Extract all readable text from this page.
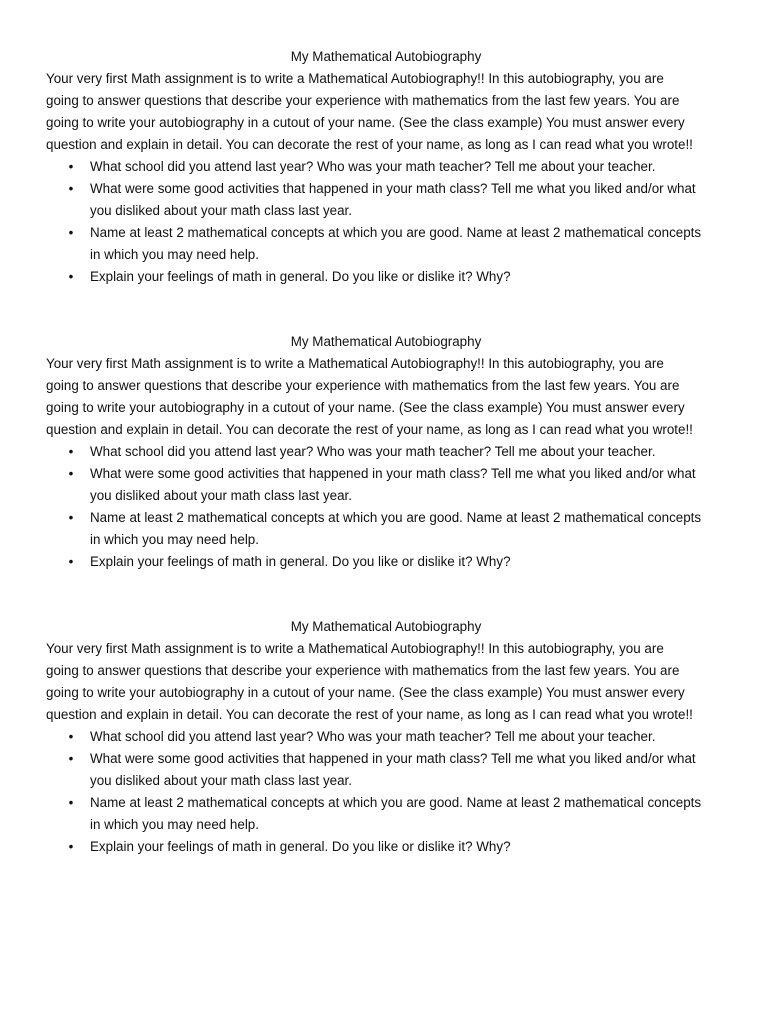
My Mathematical Autobiography

Your very first Math assignment is to write a Mathematical Autobiography!! In this autobiography, you are
going to answer questions that describe your experience with mathematics from the last few years. You are
going to write your autobiography in a cutout of your name. (See the class example) You must answer every
question and explain in detail. You can decorate the rest of your name, as long as I can read what you wrote!!

• What school did you attend last year? Who was your math teacher? Tell me about your teacher.
• What were some good activities that happened in your math class? Tell me what you liked and/or what
you disliked about your math class last year.
• Name at least 2 mathematical concepts at which you are good. Name at least 2 mathematical concepts
in which you may need help.
• Explain your feelings of math in general. Do you like or dislike it? Why?
My Mathematical Autobiography

Your very first Math assignment is to write a Mathematical Autobiography!! In this autobiography, you are
going to answer questions that describe your experience with mathematics from the last few years. You are
going to write your autobiography in a cutout of your name. (See the class example) You must answer every
question and explain in detail. You can decorate the rest of your name, as long as I can read what you wrote!!

• What school did you attend last year? Who was your math teacher? Tell me about your teacher.
• What were some good activities that happened in your math class? Tell me what you liked and/or what
you disliked about your math class last year.
• Name at least 2 mathematical concepts at which you are good. Name at least 2 mathematical concepts
in which you may need help.
• Explain your feelings of math in general. Do you like or dislike it? Why?
My Mathematical Autobiography

Your very first Math assignment is to write a Mathematical Autobiography!! In this autobiography, you are
going to answer questions that describe your experience with mathematics from the last few years. You are
going to write your autobiography in a cutout of your name. (See the class example) You must answer every
question and explain in detail. You can decorate the rest of your name, as long as I can read what you wrote!!

• What school did you attend last year? Who was your math teacher? Tell me about your teacher.
• What were some good activities that happened in your math class? Tell me what you liked and/or what
you disliked about your math class last year.
• Name at least 2 mathematical concepts at which you are good. Name at least 2 mathematical concepts
in which you may need help.
• Explain your feelings of math in general. Do you like or dislike it? Why?
